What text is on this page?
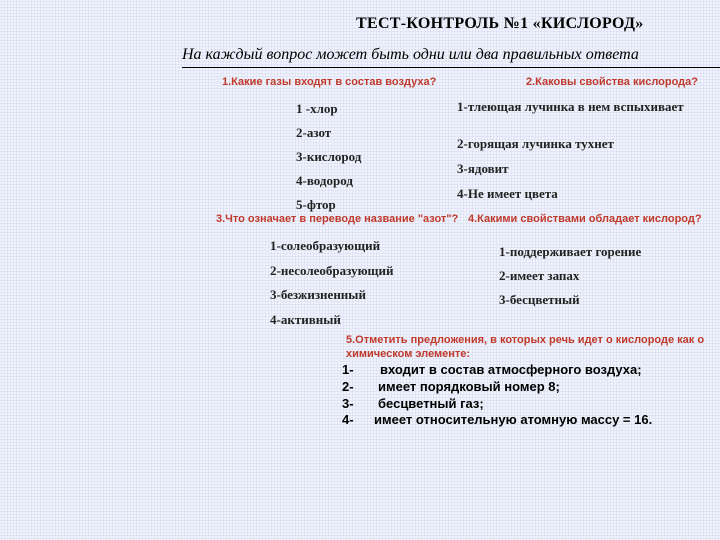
ТЕСТ-КОНТРОЛЬ №1 «КИСЛОРОД»
На каждый вопрос может быть одни или два правильных ответа
1.Какие газы входят в состав воздуха?
1 -хлор
2-азот
3-кислород
4-водород
5-фтор
2.Каковы свойства кислорода?
1-тлеющая лучинка в нем вспыхивает
2-горящая лучинка тухнет
3-ядовит
4-Не имеет цвета
3.Что означает в переводе название "азот"?
1-солеобразующий
2-несолеобразующий
3-безжизненный
4-активный
4.Какими свойствами обладает кислород?
1-поддерживает горение
2-имеет запах
3-бесцветный
5.Отметить предложения, в которых речь идет о кислороде как о химическом элементе:
1- входит в состав атмосферного воздуха;
2- имеет порядковый номер 8;
3- бесцветный газ;
4- имеет относительную атомную массу = 16.
